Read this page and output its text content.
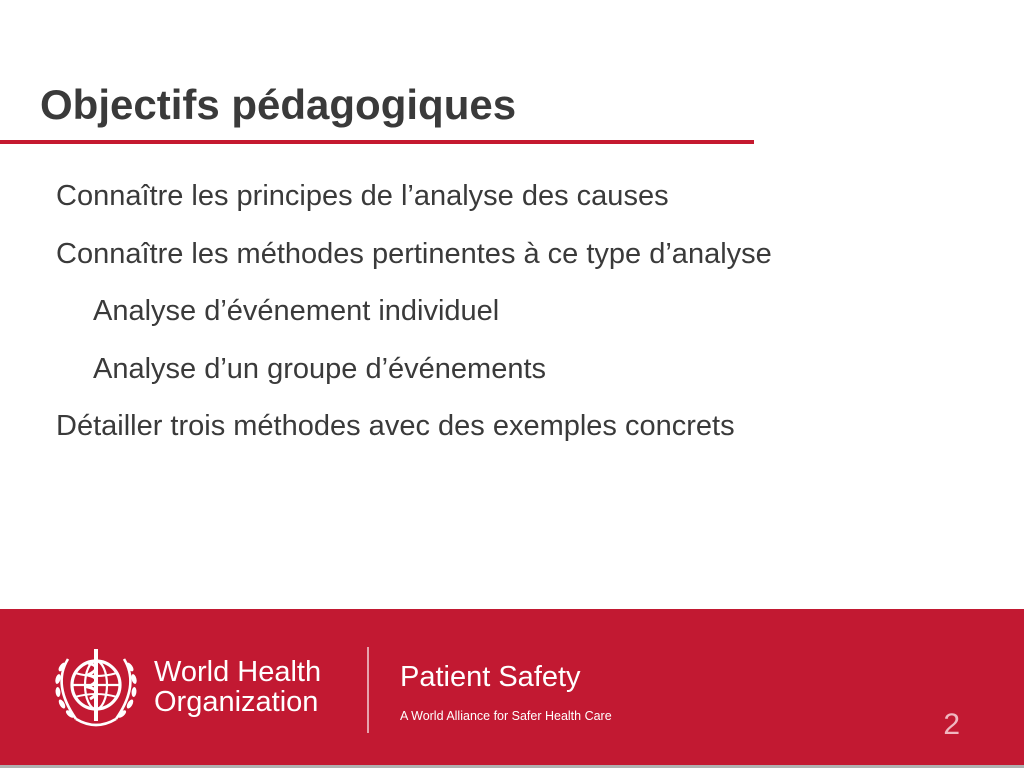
Objectifs pédagogiques
Connaître les principes de l’analyse des causes
Connaître les méthodes pertinentes à ce type d’analyse
Analyse d’événement individuel
Analyse d’un groupe d’événements
Détailler trois méthodes avec des exemples concrets
World Health
Organization
Patient Safety
A World Alliance for Safer Health Care	2
